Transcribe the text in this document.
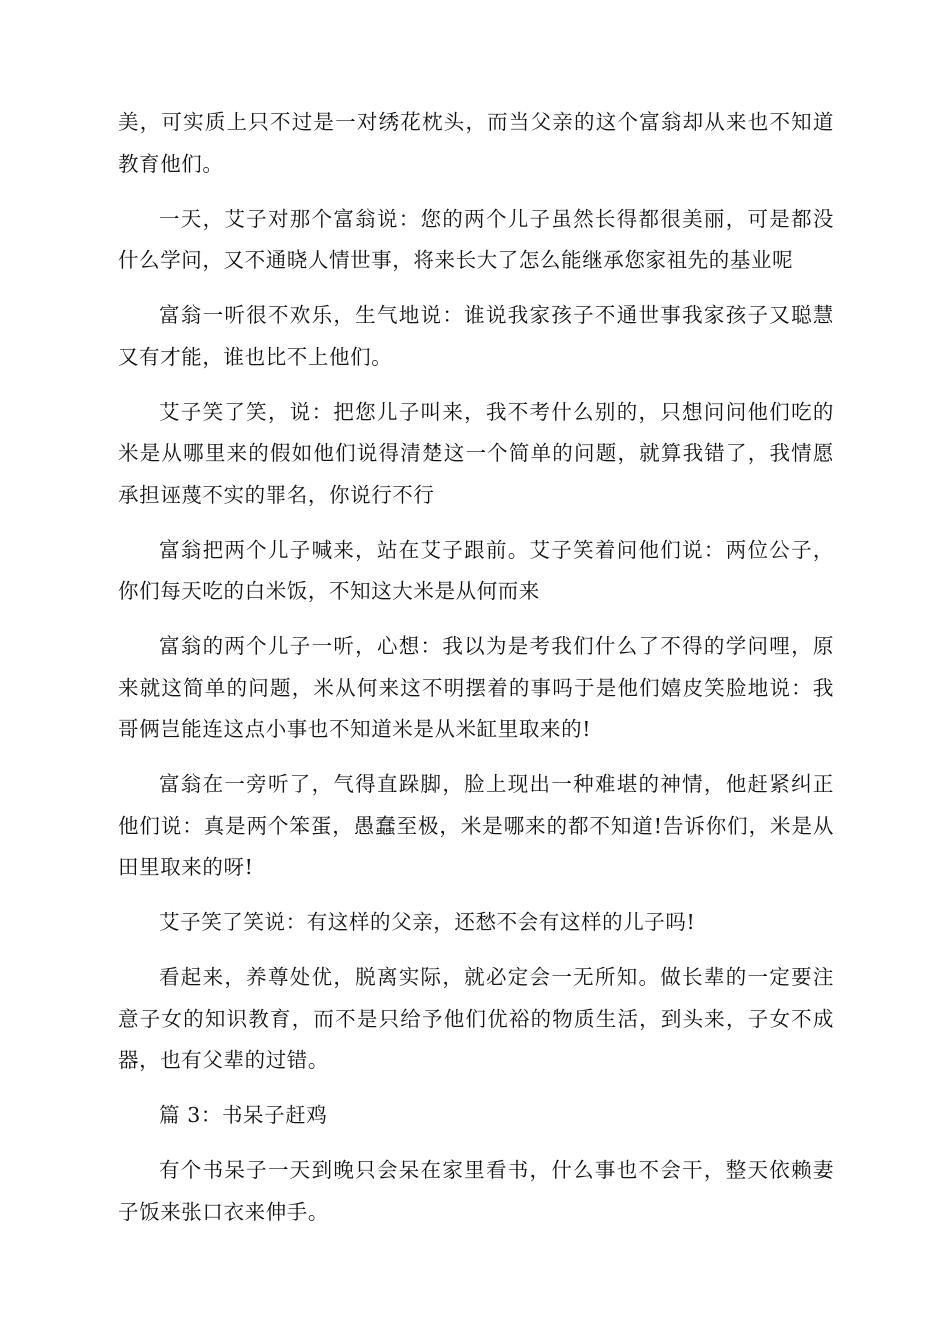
美，可实质上只不过是一对绣花枕头，而当父亲的这个富翁却从来也不知道教育他们。

一天，艾子对那个富翁说：您的两个儿子虽然长得都很美丽，可是都没什么学问，又不通晓人情世事，将来长大了怎么能继承您家祖先的基业呢

富翁一听很不欢乐，生气地说：谁说我家孩子不通世事我家孩子又聪慧又有才能，谁也比不上他们。

艾子笑了笑，说：把您儿子叫来，我不考什么别的，只想问问他们吃的米是从哪里来的假如他们说得清楚这一个简单的问题，就算我错了，我情愿承担诬蔑不实的罪名，你说行不行

富翁把两个儿子喊来，站在艾子跟前。艾子笑着问他们说：两位公子，你们每天吃的白米饭，不知这大米是从何而来

富翁的两个儿子一听，心想：我以为是考我们什么了不得的学问哩，原来就这简单的问题，米从何来这不明摆着的事吗于是他们嬉皮笑脸地说：我哥俩岂能连这点小事也不知道米是从米缸里取来的!

富翁在一旁听了，气得直跺脚，脸上现出一种难堪的神情，他赶紧纠正他们说：真是两个笨蛋，愚蠢至极，米是哪来的都不知道!告诉你们，米是从田里取来的呀!

艾子笑了笑说：有这样的父亲，还愁不会有这样的儿子吗!

看起来，养尊处优，脱离实际，就必定会一无所知。做长辈的一定要注意子女的知识教育，而不是只给予他们优裕的物质生活，到头来，子女不成器，也有父辈的过错。

篇 3：书呆子赶鸡

有个书呆子一天到晚只会呆在家里看书，什么事也不会干，整天依赖妻子饭来张口衣来伸手。
